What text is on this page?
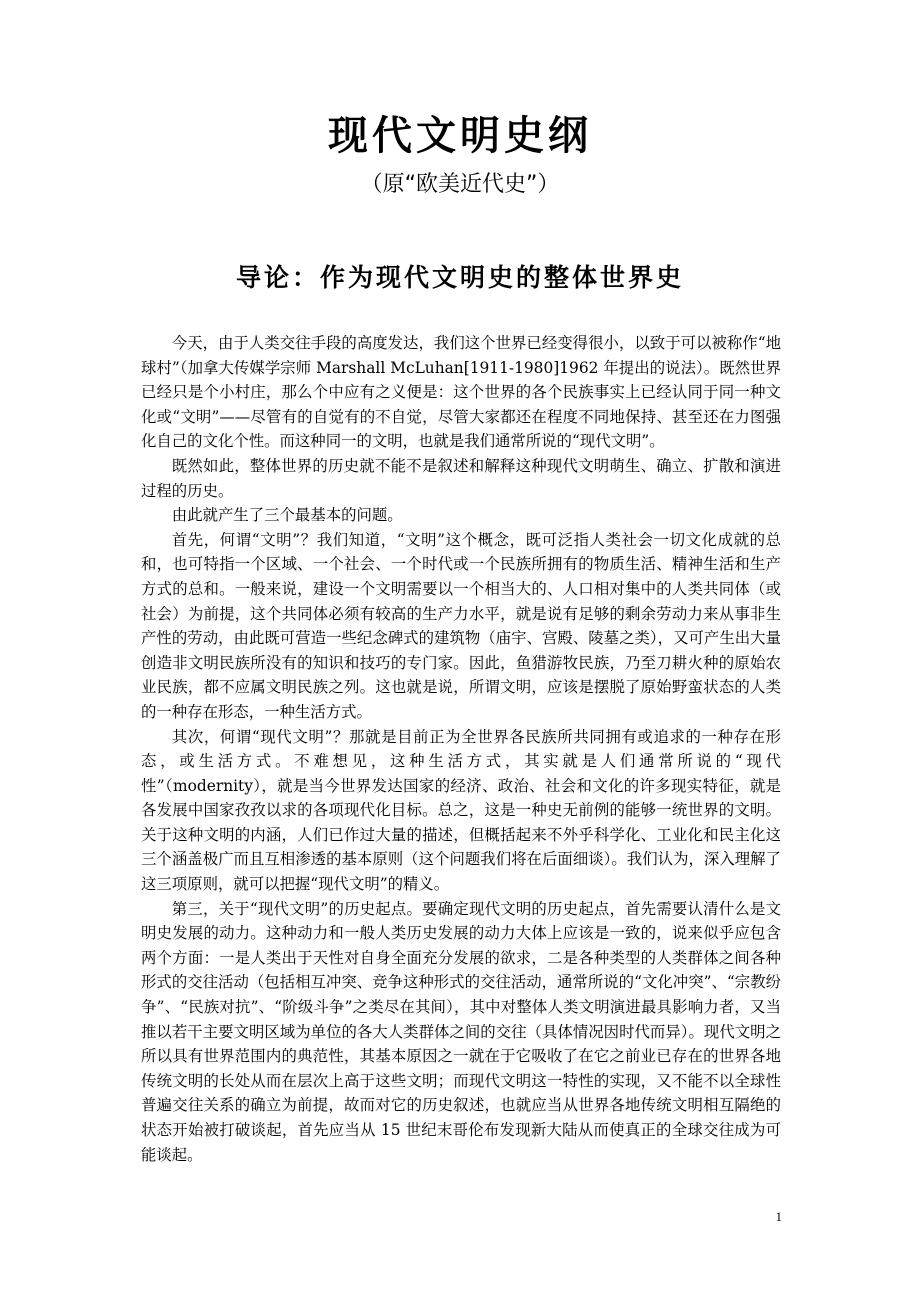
现代文明史纲
（原“欧美近代史”）
导论：作为现代文明史的整体世界史

今天，由于人类交往手段的高度发达，我们这个世界已经变得很小，以致于可以被称作“地球村”（加拿大传媒学宗师 Marshall McLuhan[1911-1980]1962 年提出的说法）。既然世界已经只是个小村庄，那么个中应有之义便是：这个世界的各个民族事实上已经认同于同一种文化或“文明”——尽管有的自觉有的不自觉，尽管大家都还在程度不同地保持、甚至还在力图强化自己的文化个性。而这种同一的文明，也就是我们通常所说的“现代文明”。

既然如此，整体世界的历史就不能不是叙述和解释这种现代文明萌生、确立、扩散和演进过程的历史。

由此就产生了三个最基本的问题。

首先，何谓“文明”？我们知道，“文明”这个概念，既可泛指人类社会一切文化成就的总和，也可特指一个区域、一个社会、一个时代或一个民族所拥有的物质生活、精神生活和生产方式的总和。一般来说，建设一个文明需要以一个相当大的、人口相对集中的人类共同体（或社会）为前提，这个共同体必须有较高的生产力水平，就是说有足够的剩余劳动力来从事非生产性的劳动，由此既可营造一些纪念碑式的建筑物（庙宇、宫殿、陵墓之类），又可产生出大量创造非文明民族所没有的知识和技巧的专门家。因此，鱼猎游牧民族，乃至刀耕火种的原始农业民族，都不应属文明民族之列。这也就是说，所谓文明，应该是摆脱了原始野蛮状态的人类的一种存在形态，一种生活方式。

其次，何谓“现代文明”？那就是目前正为全世界各民族所共同拥有或追求的一种存在形态，或生活方式。不难想见，这种生活方式，其实就是人们通常所说的“现代性”（modernity），就是当今世界发达国家的经济、政治、社会和文化的许多现实特征，就是各发展中国家孜孜以求的各项现代化目标。总之，这是一种史无前例的能够一统世界的文明。关于这种文明的内涵，人们已作过大量的描述，但概括起来不外乎科学化、工业化和民主化这三个涵盖极广而且互相渗透的基本原则（这个问题我们将在后面细谈）。我们认为，深入理解了这三项原则，就可以把握“现代文明”的精义。

第三，关于“现代文明”的历史起点。要确定现代文明的历史起点，首先需要认清什么是文明史发展的动力。这种动力和一般人类历史发展的动力大体上应该是一致的，说来似乎应包含两个方面：一是人类出于天性对自身全面充分发展的欲求，二是各种类型的人类群体之间各种形式的交往活动（包括相互冲突、竞争这种形式的交往活动，通常所说的“文化冲突”、“宗教纷争”、“民族对抗”、“阶级斗争”之类尽在其间），其中对整体人类文明演进最具影响力者，又当推以若干主要文明区域为单位的各大人类群体之间的交往（具体情况因时代而异）。现代文明之所以具有世界范围内的典范性，其基本原因之一就在于它吸收了在它之前业已存在的世界各地传统文明的长处从而在层次上高于这些文明；而现代文明这一特性的实现，又不能不以全球性普遍交往关系的确立为前提，故而对它的历史叙述，也就应当从世界各地传统文明相互隔绝的状态开始被打破谈起，首先应当从 15 世纪末哥伦布发现新大陆从而使真正的全球交往成为可能谈起。

1
